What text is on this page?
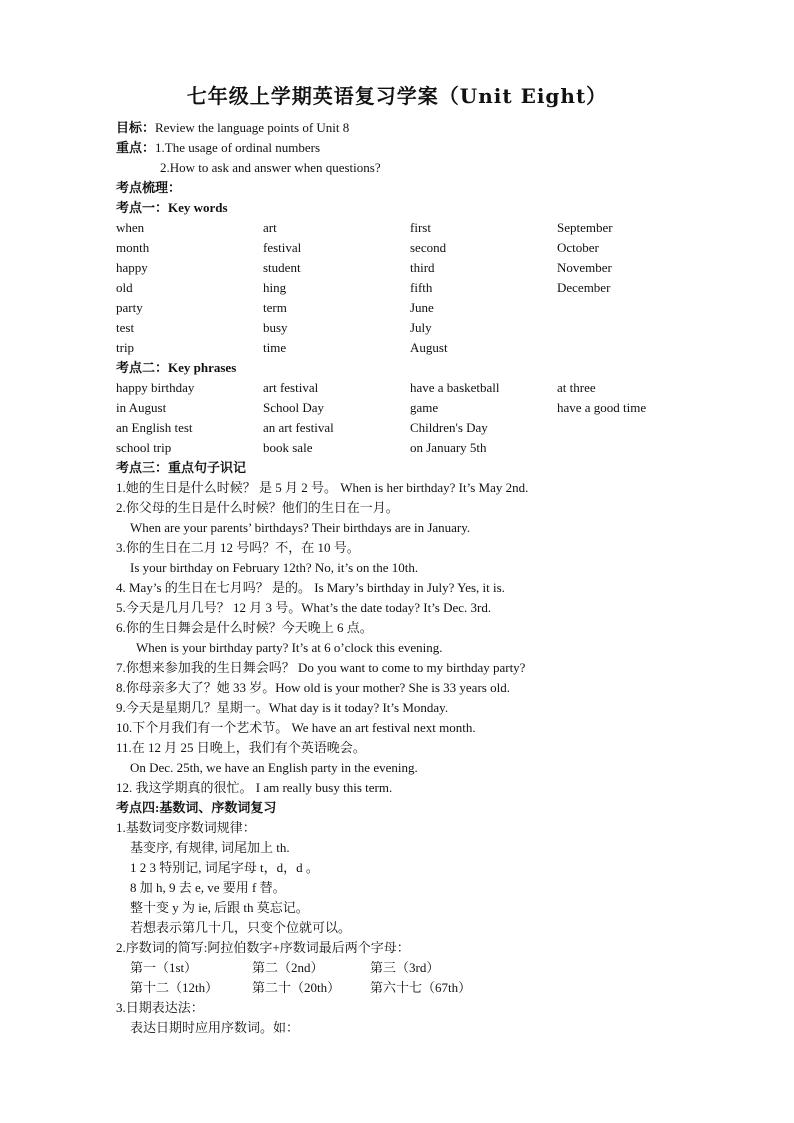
七年级上学期英语复习学案（Unit Eight）
目标：Review the language points of Unit 8
重点：1.The usage of ordinal numbers
2.How to ask and answer when questions?
考点梳理：
考点一：Key words
when	art	first	September
month	festival	second	October
happy	student	third	November
old	hing	fifth	December
party	term	June
test	busy	July
trip	time	August
考点二：Key phrases
happy birthday	art festival	have a basketball	at three
in August	School Day	game	have a good time
an English test	an art festival	Children's Day
school trip	book sale	on January 5th
考点三：重点句子识记
1.她的生日是什么时候？ 是 5 月 2 号。 When is her birthday? It’s May 2nd.
2.你父母的生日是什么时候？他们的生日在一月。
When are your parents’ birthdays? Their birthdays are in January.
3.你的生日在二月 12 号吗？不，在 10 号。
Is your birthday on February 12th? No, it’s on the 10th.
4. May’s 的生日在七月吗？ 是的。 Is Mary’s birthday in July? Yes, it is.
5.今天是几月几号？ 12 月 3 号。What’s the date today? It’s Dec. 3rd.
6.你的生日舞会是什么时候？今天晚上 6 点。
When is your birthday party? It’s at 6 o’clock this evening.
7.你想来参加我的生日舞会吗？ Do you want to come to my birthday party?
8.你母亲多大了？她 33 岁。How old is your mother? She is 33 years old.
9.今天是星期几？星期一。What day is it today? It’s Monday.
10.下个月我们有一个艺术节。 We have an art festival next month.
11.在 12 月 25 日晚上，我们有个英语晚会。
On Dec. 25th, we have an English party in the evening.
12. 我这学期真的很忙。 I am really busy this term.
考点四:基数词、序数词复习
1.基数词变序数词规律：
基变序, 有规律, 词尾加上 th.
1 2 3 特别记, 词尾字母 t，d，d 。
8 加 h, 9 去 e, ve 要用 f 替。
整十变 y 为 ie, 后跟 th 莫忘记。
若想表示第几十几，只变个位就可以。
2.序数词的简写:阿拉伯数字+序数词最后两个字母：
第一（1st）	第二（2nd）	第三（3rd）
第十二（12th）	第二十（20th）	第六十七（67th）
3.日期表达法：
表达日期时应用序数词。如：
